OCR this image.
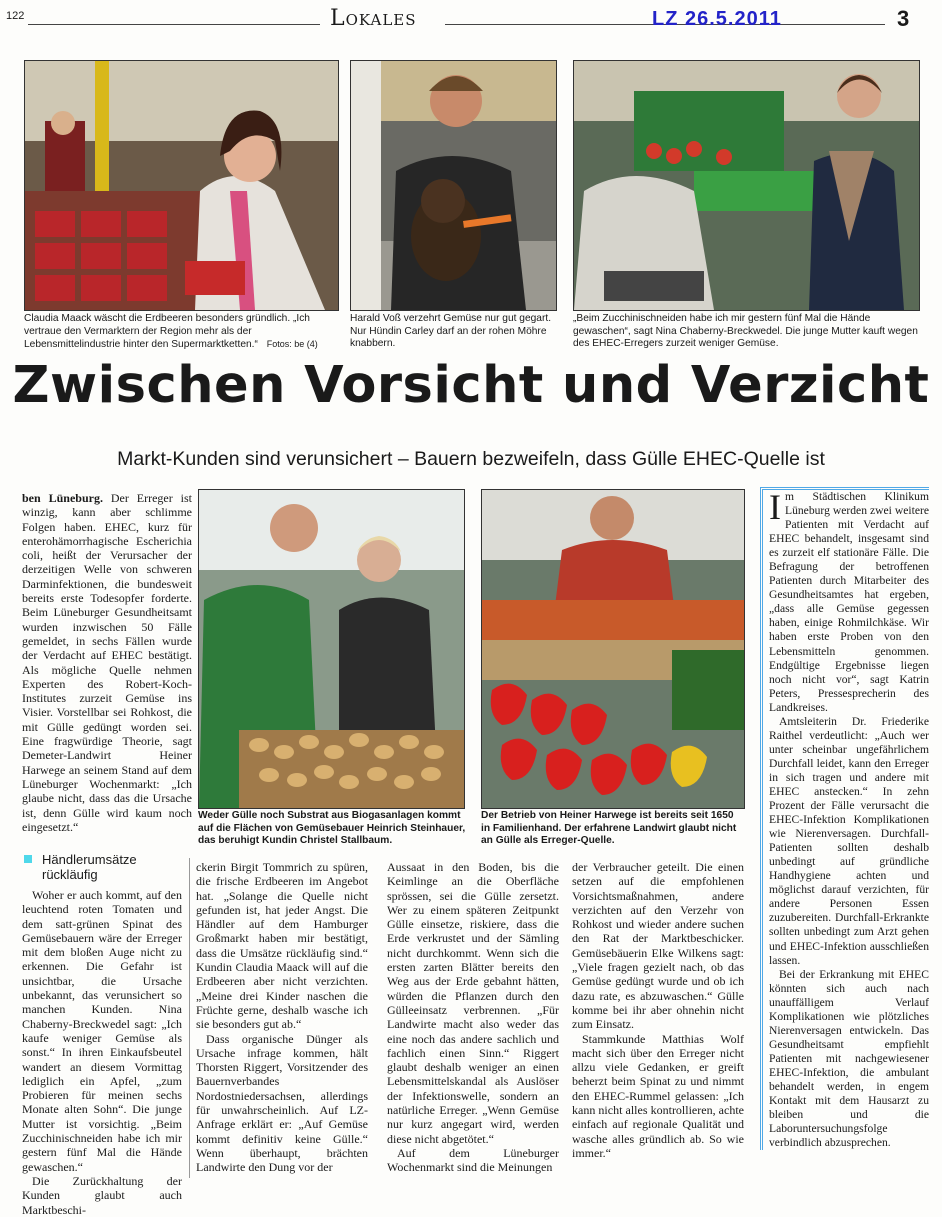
122	Lokales	LZ 26.5.2011	3
Claudia Maack wäscht die Erdbeeren besonders gründlich. „Ich vertraue den Vermarktern der Region mehr als der Lebensmittelindustrie hinter den Supermarktketten.“ Fotos: be (4)
Harald Voß verzehrt Gemüse nur gut gegart. Nur Hündin Carley darf an der rohen Möhre knabbern.
„Beim Zucchinischneiden habe ich mir gestern fünf Mal die Hände gewaschen“, sagt Nina Chaberny-Breckwedel. Die junge Mutter kauft wegen des EHEC-Erregers zurzeit weniger Gemüse.
Zwischen Vorsicht und Verzicht
Markt-Kunden sind verunsichert – Bauern bezweifeln, dass Gülle EHEC-Quelle ist

ben Lüneburg. Der Erreger ist winzig, kann aber schlimme Folgen haben. EHEC, kurz für enterohämorrhagische Escherichia coli, heißt der Verursacher der derzeitigen Welle von schweren Darminfektionen, die bundesweit bereits erste Todesopfer forderte. Beim Lüneburger Gesundheitsamt wurden inzwischen 50 Fälle gemeldet, in sechs Fällen wurde der Verdacht auf EHEC bestätigt. Als mögliche Quelle nehmen Experten des Robert-Koch-Institutes zurzeit Gemüse ins Visier. Vorstellbar sei Rohkost, die mit Gülle gedüngt worden sei. Eine fragwürdige Theorie, sagt Demeter-Landwirt Heiner Harwege an seinem Stand auf dem Lüneburger Wochenmarkt: „Ich glaube nicht, dass das die Ursache ist, denn Gülle wird kaum noch eingesetzt.“

Weder Gülle noch Substrat aus Biogasanlagen kommt auf die Flächen von Gemüsebauer Heinrich Steinhauer, das beruhigt Kundin Christel Stallbaum.
Der Betrieb von Heiner Harwege ist bereits seit 1650 in Familienhand. Der erfahrene Landwirt glaubt nicht an Gülle als Erreger-Quelle.
Händlerumsätze rückläufig

Woher er auch kommt, auf den leuchtend roten Tomaten und dem satt-grünen Spinat des Gemüsebauern wäre der Erreger mit dem bloßen Auge nicht zu erkennen. Die Gefahr ist unsichtbar, die Ursache unbekannt, das verunsichert so manchen Kunden. Nina Chaberny-Breckwedel sagt: „Ich kaufe weniger Gemüse als sonst.“ In ihren Einkaufsbeutel wandert an diesem Vormittag lediglich ein Apfel, „zum Probieren für meinen sechs Monate alten Sohn“. Die junge Mutter ist vorsichtig. „Beim Zucchinischneiden habe ich mir gestern fünf Mal die Hände gewaschen.“

Die Zurückhaltung der Kunden glaubt auch Marktbeschi-

ckerin Birgit Tommrich zu spüren, die frische Erdbeeren im Angebot hat. „Solange die Quelle nicht gefunden ist, hat jeder Angst. Die Händler auf dem Hamburger Großmarkt haben mir bestätigt, dass die Umsätze rückläufig sind.“ Kundin Claudia Maack will auf die Erdbeeren aber nicht verzichten. „Meine drei Kinder naschen die Früchte gerne, deshalb wasche ich sie besonders gut ab.“

Dass organische Dünger als Ursache infrage kommen, hält Thorsten Riggert, Vorsitzender des Bauernverbandes Nordostniedersachsen, allerdings für unwahrscheinlich. Auf LZ-Anfrage erklärt er: „Auf Gemüse kommt definitiv keine Gülle.“ Wenn überhaupt, brächten Landwirte den Dung vor der

Aussaat in den Boden, bis die Keimlinge an die Oberfläche sprössen, sei die Gülle zersetzt. Wer zu einem späteren Zeitpunkt Gülle einsetze, riskiere, dass die Erde verkrustet und der Sämling nicht durchkommt. Wenn sich die ersten zarten Blätter bereits den Weg aus der Erde gebahnt hätten, würden die Pflanzen durch den Gülleeinsatz verbrennen. „Für Landwirte macht also weder das eine noch das andere sachlich und fachlich einen Sinn.“ Riggert glaubt deshalb weniger an einen Lebensmittelskandal als Auslöser der Infektionswelle, sondern an natürliche Erreger. „Wenn Gemüse nur kurz angegart wird, werden diese nicht abgetötet.“

Auf dem Lüneburger Wochenmarkt sind die Meinungen

der Verbraucher geteilt. Die einen setzen auf die empfohlenen Vorsichtsmaßnahmen, andere verzichten auf den Verzehr von Rohkost und wieder andere suchen den Rat der Marktbeschicker. Gemüsebäuerin Elke Wilkens sagt: „Viele fragen gezielt nach, ob das Gemüse gedüngt wurde und ob ich dazu rate, es abzuwaschen.“ Gülle komme bei ihr aber ohnehin nicht zum Einsatz.

Stammkunde Matthias Wolf macht sich über den Erreger nicht allzu viele Gedanken, er greift beherzt beim Spinat zu und nimmt den EHEC-Rummel gelassen: „Ich kann nicht alles kontrollieren, achte einfach auf regionale Qualität und wasche alles gründlich ab. So wie immer.“

Im Städtischen Klinikum Lüneburg werden zwei weitere Patienten mit Verdacht auf EHEC behandelt, insgesamt sind es zurzeit elf stationäre Fälle. Die Befragung der betroffenen Patienten durch Mitarbeiter des Gesundheitsamtes hat ergeben, „dass alle Gemüse gegessen haben, einige Rohmilchkäse. Wir haben erste Proben von den Lebensmitteln genommen. Endgültige Ergebnisse liegen noch nicht vor“, sagt Katrin Peters, Pressesprecherin des Landkreises.

Amtsleiterin Dr. Friederike Raithel verdeutlicht: „Auch wer unter scheinbar ungefährlichem Durchfall leidet, kann den Erreger in sich tragen und andere mit EHEC anstecken.“ In zehn Prozent der Fälle verursacht die EHEC-Infektion Komplikationen wie Nierenversagen. Durchfall-Patienten sollten deshalb unbedingt auf gründliche Handhygiene achten und möglichst darauf verzichten, für andere Personen Essen zuzubereiten. Durchfall-Erkrankte sollten unbedingt zum Arzt gehen und EHEC-Infektion ausschließen lassen.

Bei der Erkrankung mit EHEC könnten sich auch nach unauffälligem Verlauf Komplikationen wie plötzliches Nierenversagen entwickeln. Das Gesundheitsamt empfiehlt Patienten mit nachgewiesener EHEC-Infektion, die ambulant behandelt werden, in engem Kontakt mit dem Hausarzt zu bleiben und die Laboruntersuchungsfolge verbindlich abzusprechen.
